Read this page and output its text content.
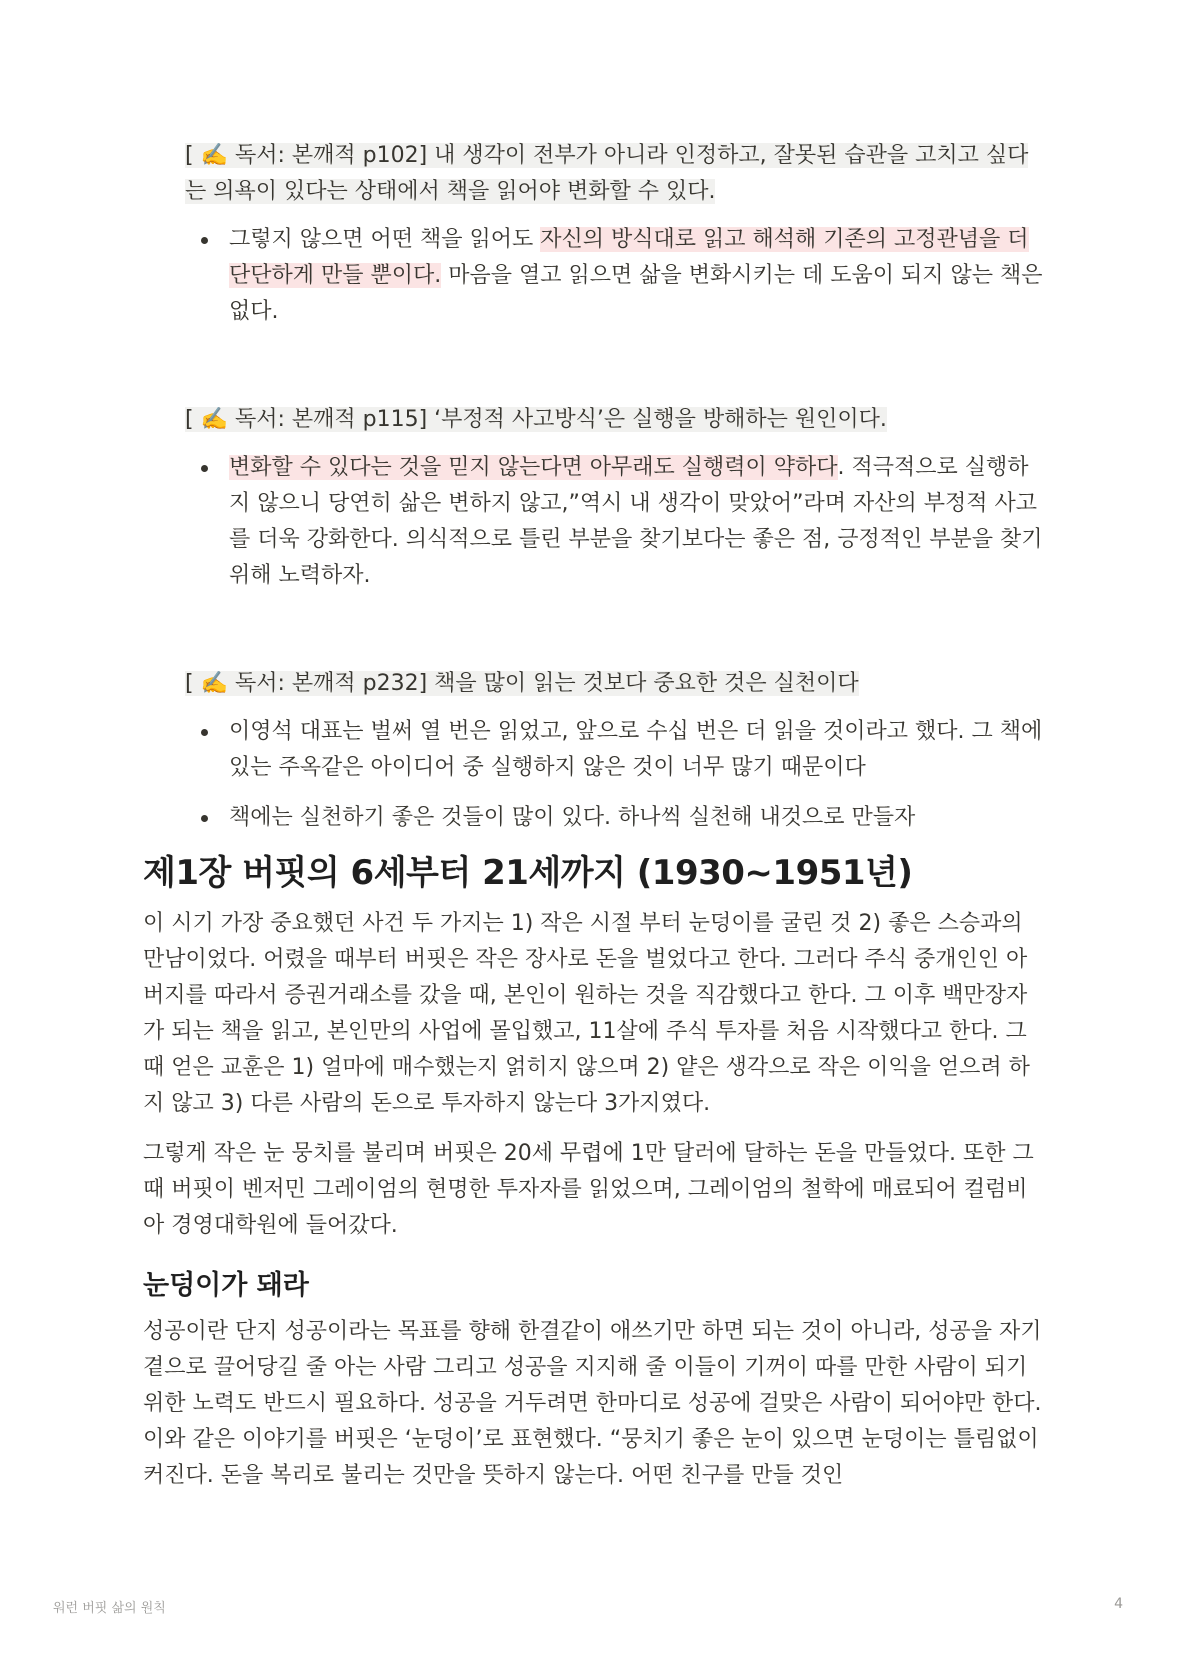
[ ✍️ 독서: 본깨적 p102] 내 생각이 전부가 아니라 인정하고, 잘못된 습관을 고치고 싶다는 의욕이 있다는 상태에서 책을 읽어야 변화할 수 있다.
그렇지 않으면 어떤 책을 읽어도 자신의 방식대로 읽고 해석해 기존의 고정관념을 더 단단하게 만들 뿐이다. 마음을 열고 읽으면 삶을 변화시키는 데 도움이 되지 않는 책은 없다.
[ ✍️ 독서: 본깨적 p115] ‘부정적 사고방식’은 실행을 방해하는 원인이다.
변화할 수 있다는 것을 믿지 않는다면 아무래도 실행력이 약하다. 적극적으로 실행하지 않으니 당연히 삶은 변하지 않고,”역시 내 생각이 맞았어”라며 자산의 부정적 사고를 더욱 강화한다. 의식적으로 틀린 부분을 찾기보다는 좋은 점, 긍정적인 부분을 찾기 위해 노력하자.
[ ✍️ 독서: 본깨적 p232] 책을 많이 읽는 것보다 중요한 것은 실천이다
이영석 대표는 벌써 열 번은 읽었고, 앞으로 수십 번은 더 읽을 것이라고 했다. 그 책에 있는 주옥같은 아이디어 중 실행하지 않은 것이 너무 많기 때문이다
책에는 실천하기 좋은 것들이 많이 있다. 하나씩 실천해 내것으로 만들자
제1장 버핏의 6세부터 21세까지 (1930~1951년)

이 시기 가장 중요했던 사건 두 가지는 1) 작은 시절 부터 눈덩이를 굴린 것 2) 좋은 스승과의 만남이었다. 어렸을 때부터 버핏은 작은 장사로 돈을 벌었다고 한다. 그러다 주식 중개인인 아버지를 따라서 증권거래소를 갔을 때, 본인이 원하는 것을 직감했다고 한다. 그 이후 백만장자가 되는 책을 읽고, 본인만의 사업에 몰입했고, 11살에 주식 투자를 처음 시작했다고 한다. 그때 얻은 교훈은 1) 얼마에 매수했는지 얽히지 않으며 2) 얕은 생각으로 작은 이익을 얻으려 하지 않고 3) 다른 사람의 돈으로 투자하지 않는다 3가지였다.

그렇게 작은 눈 뭉치를 불리며 버핏은 20세 무렵에 1만 달러에 달하는 돈을 만들었다. 또한 그 때 버핏이 벤저민 그레이엄의 현명한 투자자를 읽었으며, 그레이엄의 철학에 매료되어 컬럼비아 경영대학원에 들어갔다.

눈덩이가 돼라

성공이란 단지 성공이라는 목표를 향해 한결같이 애쓰기만 하면 되는 것이 아니라, 성공을 자기 곁으로 끌어당길 줄 아는 사람 그리고 성공을 지지해 줄 이들이 기꺼이 따를 만한 사람이 되기 위한 노력도 반드시 필요하다. 성공을 거두려면 한마디로 성공에 걸맞은 사람이 되어야만 한다. 이와 같은 이야기를 버핏은 ‘눈덩이’로 표현했다. “뭉치기 좋은 눈이 있으면 눈덩이는 틀림없이 커진다. 돈을 복리로 불리는 것만을 뜻하지 않는다. 어떤 친구를 만들 것인

워런 버핏 삶의 원칙	4
